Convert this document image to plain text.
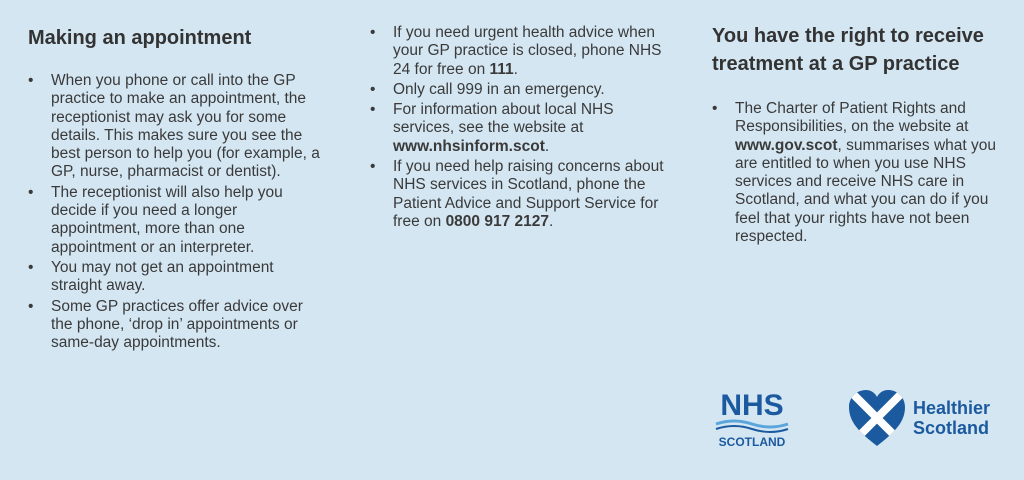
Making an appointment
• When you phone or call into the GP practice to make an appointment, the receptionist may ask you for some details. This makes sure you see the best person to help you (for example, a GP, nurse, pharmacist or dentist).
• The receptionist will also help you decide if you need a longer appointment, more than one appointment or an interpreter.
• You may not get an appointment straight away.
• Some GP practices offer advice over the phone, ‘drop in’ appointments or same-day appointments.
• If you need urgent health advice when your GP practice is closed, phone NHS 24 for free on 111.
• Only call 999 in an emergency.
• For information about local NHS services, see the website at www.nhsinform.scot.
• If you need help raising concerns about NHS services in Scotland, phone the Patient Advice and Support Service for free on 0800 917 2127.
You have the right to receive treatment at a GP practice
• The Charter of Patient Rights and Responsibilities, on the website at www.gov.scot, summarises what you are entitled to when you use NHS services and receive NHS care in Scotland, and what you can do if you feel that your rights have not been respected.
NHS
SCOTLAND
Healthier
Scotland
